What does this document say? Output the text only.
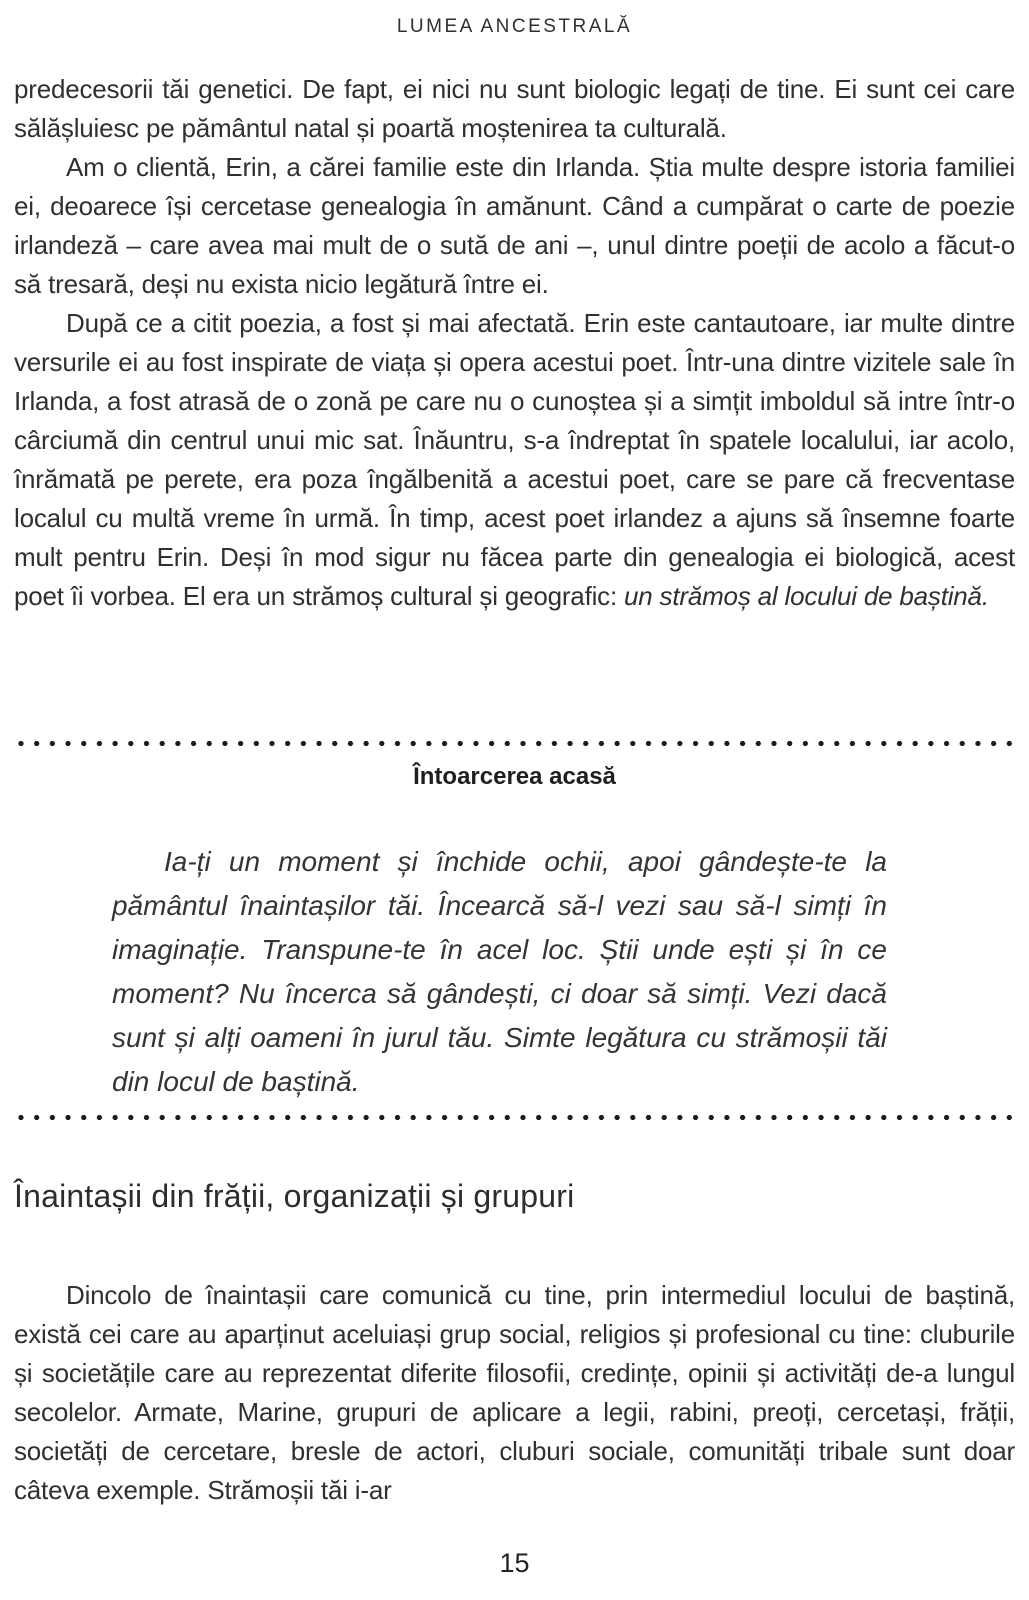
LUMEA ANCESTRALĂ

predecesorii tăi genetici. De fapt, ei nici nu sunt biologic legați de tine. Ei sunt cei care sălășluiesc pe pământul natal și poartă moștenirea ta culturală.

Am o clientă, Erin, a cărei familie este din Irlanda. Știa multe despre istoria familiei ei, deoarece își cercetase genealogia în amănunt. Când a cumpărat o carte de poezie irlandeză – care avea mai mult de o sută de ani –, unul dintre poeții de acolo a făcut-o să tresară, deși nu exista nicio legătură între ei.

După ce a citit poezia, a fost și mai afectată. Erin este cantautoare, iar multe dintre versurile ei au fost inspirate de viața și opera acestui poet. Într-una dintre vizitele sale în Irlanda, a fost atrasă de o zonă pe care nu o cunoștea și a simțit imboldul să intre într-o cârciumă din centrul unui mic sat. Înăuntru, s-a îndreptat în spatele localului, iar acolo, înrămată pe perete, era poza îngălbenită a acestui poet, care se pare că frecventase localul cu multă vreme în urmă. În timp, acest poet irlandez a ajuns să însemne foarte mult pentru Erin. Deși în mod sigur nu făcea parte din genealogia ei biologică, acest poet îi vorbea. El era un strămoș cultural și geografic: un strămoș al locului de baștină.

Întoarcerea acasă
Ia-ți un moment și închide ochii, apoi gândește-te la pământul înaintașilor tăi. Încearcă să-l vezi sau să-l simți în imaginație. Transpune-te în acel loc. Știi unde ești și în ce moment? Nu încerca să gândești, ci doar să simți. Vezi dacă sunt și alți oameni în jurul tău. Simte legătura cu strămoșii tăi din locul de baștină.
Înaintașii din frății, organizații și grupuri

Dincolo de înaintașii care comunică cu tine, prin intermediul locului de baștină, există cei care au aparținut aceluiași grup social, religios și profesional cu tine: cluburile și societățile care au reprezentat diferite filosofii, credințe, opinii și activități de-a lungul secolelor. Armate, Marine, grupuri de aplicare a legii, rabini, preoți, cercetași, frății, societăți de cercetare, bresle de actori, cluburi sociale, comunități tribale sunt doar câteva exemple. Strămoșii tăi i-ar

15
